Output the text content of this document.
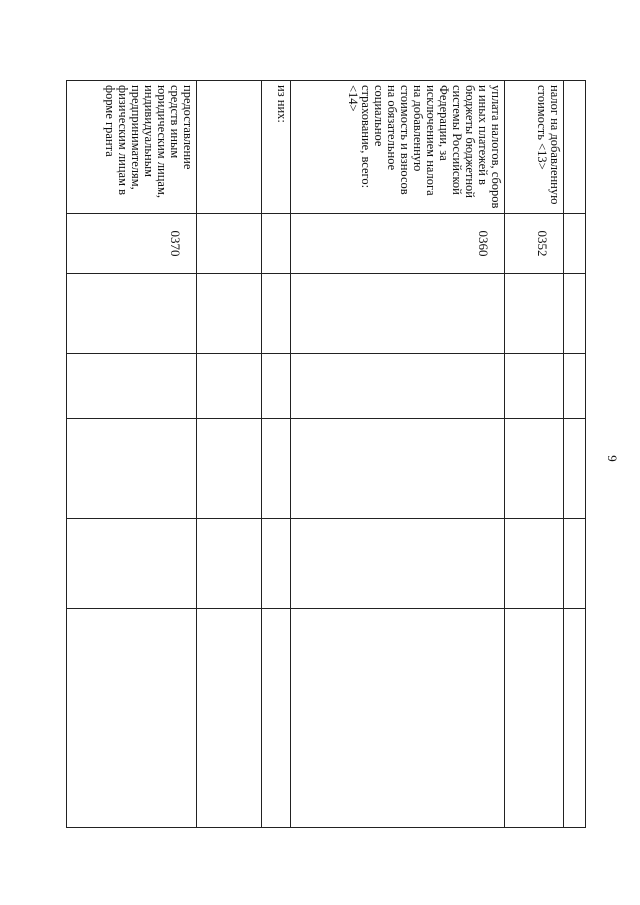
9

налог на добавленную стоимость <13>	0352					

уплата налогов, сборов и иных платежей в бюджеты бюджетной системы Российской Федерации, за исключением налога на добавленную стоимость и взносов на обязательное социальное страхование, всего: <14>	0360					

из них:						

предоставление средств иным юридическим лицам, индивидуальным предпринимателям, физическим лицам в форме гранта	0370					
